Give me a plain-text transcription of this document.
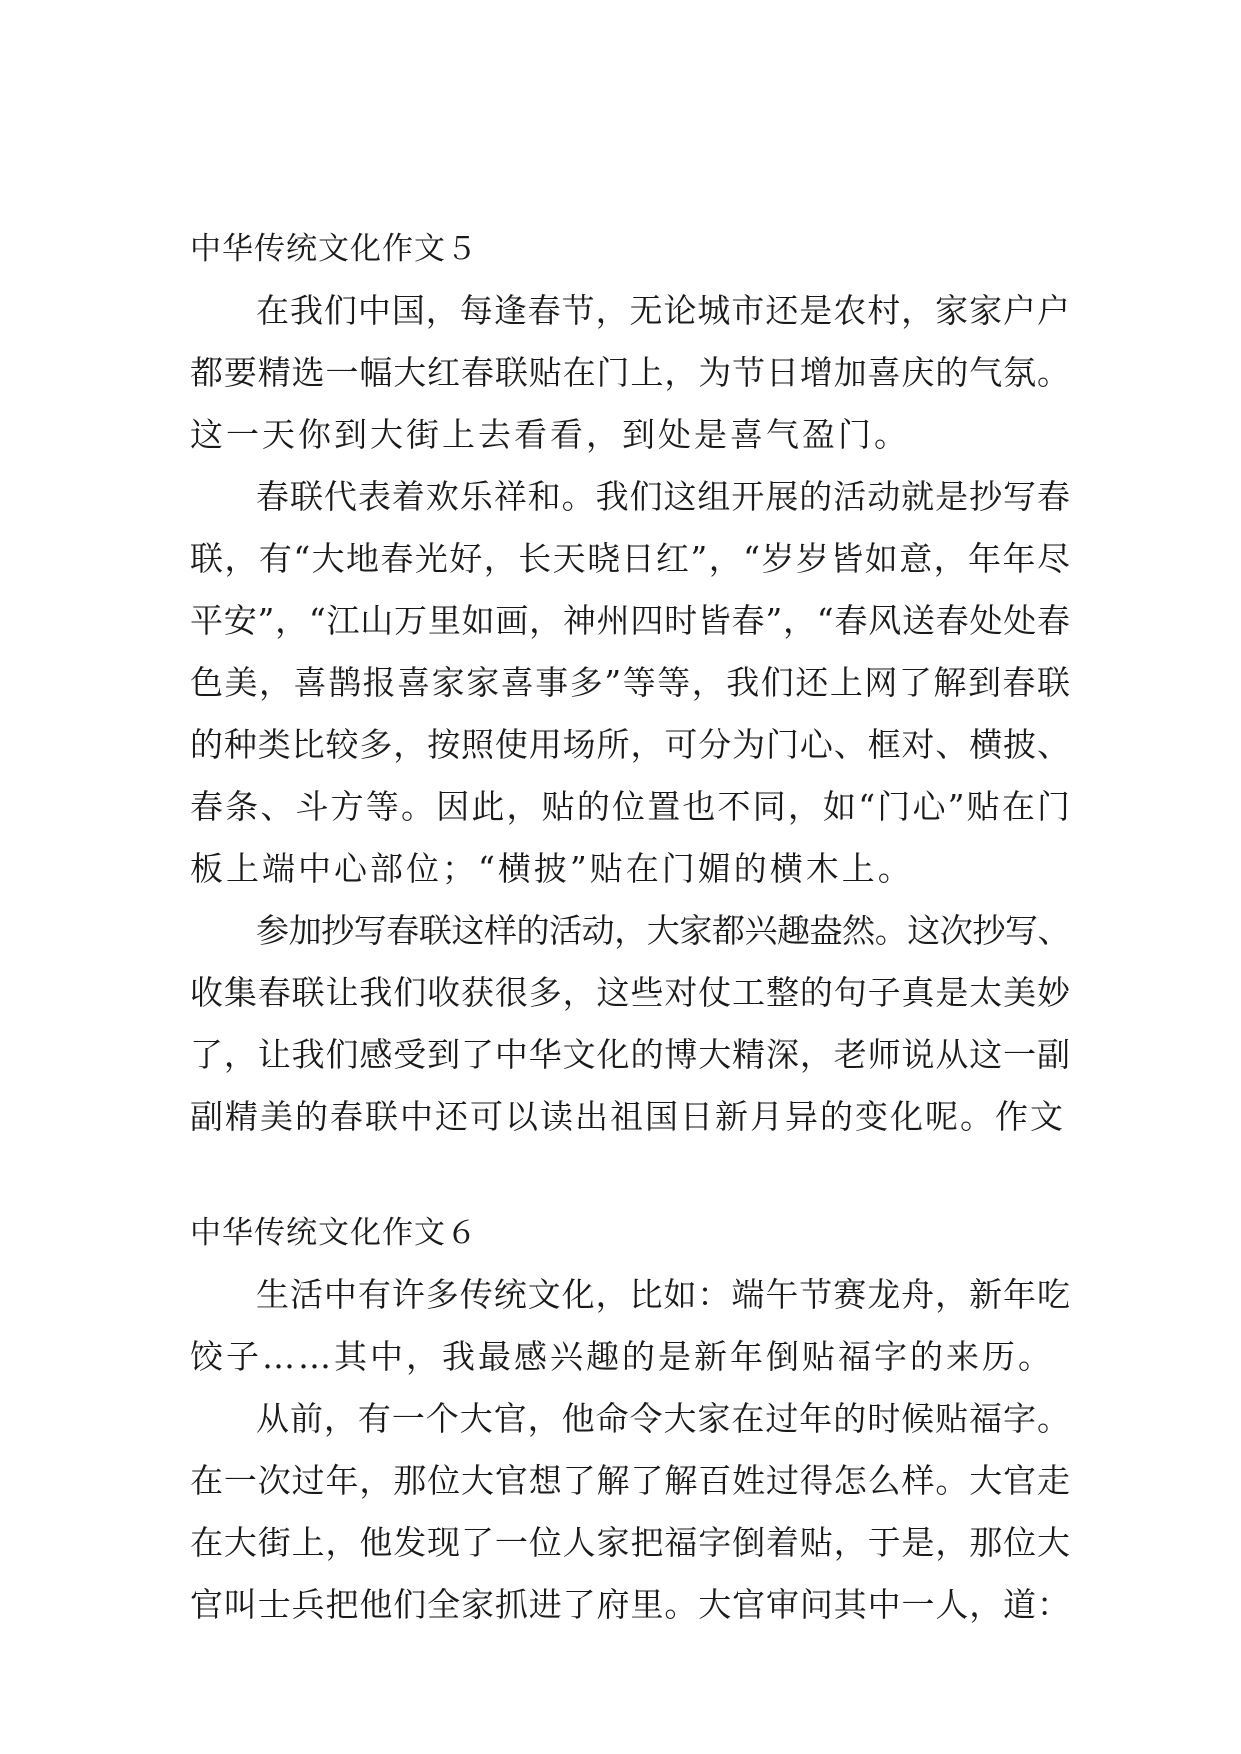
中华传统文化作文５

在我们中国，每逢春节，无论城市还是农村，家家户户
都要精选一幅大红春联贴在门上，为节日增加喜庆的气氛。
这一天你到大街上去看看，到处是喜气盈门。

春联代表着欢乐祥和。我们这组开展的活动就是抄写春
联，有“大地春光好，长天晓日红”，“岁岁皆如意，年年尽
平安”，“江山万里如画，神州四时皆春”，“春风送春处处春
色美，喜鹊报喜家家喜事多”等等，我们还上网了解到春联
的种类比较多，按照使用场所，可分为门心、框对、横披、
春条、斗方等。因此，贴的位置也不同，如“门心”贴在门
板上端中心部位；“横披”贴在门媚的横木上。

参加抄写春联这样的活动，大家都兴趣盎然。这次抄写、
收集春联让我们收获很多，这些对仗工整的句子真是太美妙
了，让我们感受到了中华文化的博大精深，老师说从这一副
副精美的春联中还可以读出祖国日新月异的变化呢。作文

中华传统文化作文６

生活中有许多传统文化，比如：端午节赛龙舟，新年吃
饺子……其中，我最感兴趣的是新年倒贴福字的来历。

从前，有一个大官，他命令大家在过年的时候贴福字。
在一次过年，那位大官想了解了解百姓过得怎么样。大官走
在大街上，他发现了一位人家把福字倒着贴，于是，那位大
官叫士兵把他们全家抓进了府里。大官审问其中一人，道：
